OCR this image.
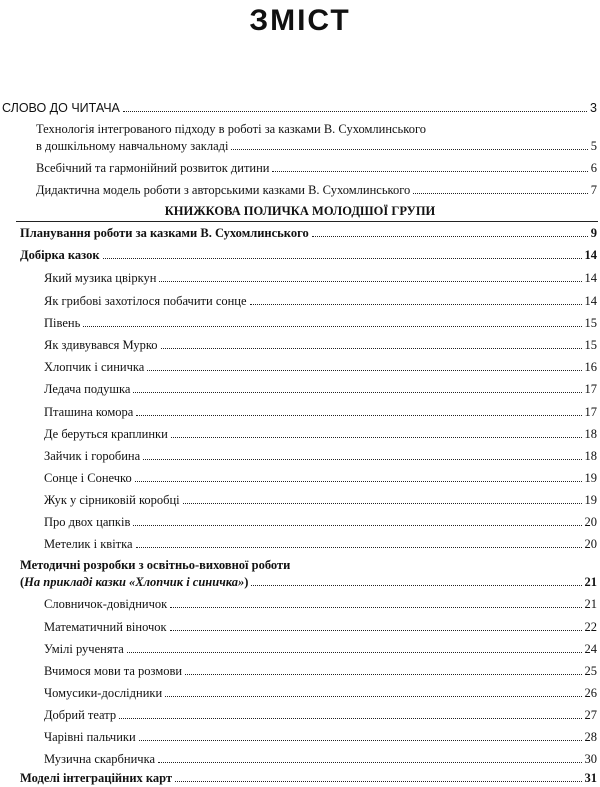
ЗМІСТ
СЛОВО ДО ЧИТАЧА	3
Технологія інтегрованого підходу в роботі за казками В. Сухомлинського
в дошкільному навчальному закладі	5
Всебічний та гармонійний розвиток дитини	6
Дидактична модель роботи з авторськими казками В. Сухомлинського	7
КНИЖКОВА ПОЛИЧКА МОЛОДШОЇ ГРУПИ
Планування роботи за казками В. Сухомлинського	9
Добірка казок	14
Який музика цвіркун	14
Як грибові захотілося побачити сонце	14
Півень	15
Як здивувався Мурко	15
Хлопчик і синичка	16
Ледача подушка	17
Пташина комора	17
Де беруться краплинки	18
Зайчик і горобина	18
Сонце і Сонечко	19
Жук у сірниковій коробці	19
Про двох цапків	20
Метелик і квітка	20
Методичні розробки з освітньо-виховної роботи
(На прикладі казки «Хлопчик і синичка»)	21
Словничок-довідничок	21
Математичний віночок	22
Умілі рученята	24
Вчимося мови та розмови	25
Чомусики-дослідники	26
Добрий театр	27
Чарівні пальчики	28
Музична скарбничка	30
Моделі інтеграційних карт	31
